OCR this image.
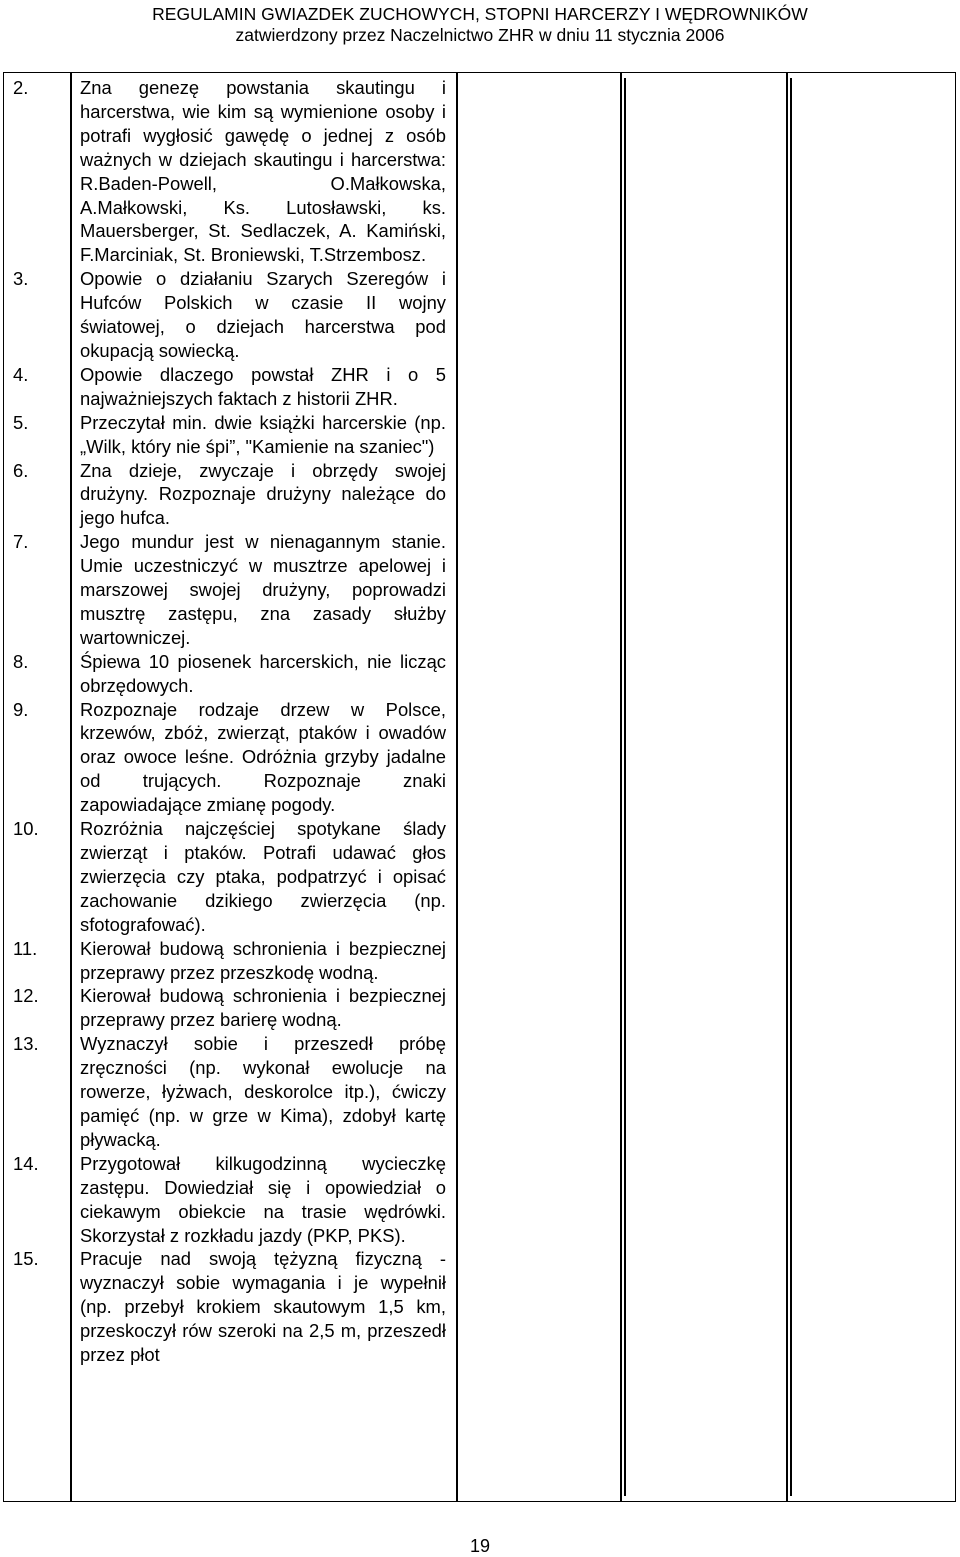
REGULAMIN GWIAZDEK ZUCHOWYCH, STOPNI HARCERZY I WĘDROWNIKÓW
zatwierdzony przez Naczelnictwo ZHR w dniu 11 stycznia 2006
2.	Zna genezę powstania skautingu i harcerstwa, wie kim są wymienione osoby i potrafi wygłosić gawędę o jednej z osób ważnych w dziejach skautingu i harcerstwa: R.Baden-Powell, O.Małkowska, A.Małkowski, Ks. Lutosławski, ks. Mauersberger, St. Sedlaczek, A. Kamiński, F.Marciniak, St. Broniewski, T.Strzembosz.
3.	Opowie o działaniu Szarych Szeregów i Hufców Polskich w czasie II wojny światowej, o dziejach harcerstwa pod okupacją sowiecką.
4.	Opowie dlaczego powstał ZHR i o 5 najważniejszych faktach z historii ZHR.
5.	Przeczytał min. dwie książki harcerskie (np. „Wilk, który nie śpi”, "Kamienie na szaniec")
6.	Zna dzieje, zwyczaje i obrzędy swojej drużyny. Rozpoznaje drużyny należące do jego hufca.
7.	Jego mundur jest w nienagannym stanie. Umie uczestniczyć w musztrze apelowej i marszowej swojej drużyny, poprowadzi musztrę zastępu, zna zasady służby wartowniczej.
8.	Śpiewa 10 piosenek harcerskich, nie licząc obrzędowych.
9.	Rozpoznaje rodzaje drzew w Polsce, krzewów, zbóż, zwierząt, ptaków i owadów oraz owoce leśne. Odróżnia grzyby jadalne od trujących. Rozpoznaje znaki zapowiadające zmianę pogody.
10.	Rozróżnia najczęściej spotykane ślady zwierząt i ptaków. Potrafi udawać głos zwierzęcia czy ptaka, podpatrzyć i opisać zachowanie dzikiego zwierzęcia (np. sfotografować).
11.	Kierował budową schronienia i bezpiecznej przeprawy przez przeszkodę wodną.
12.	Kierował budową schronienia i bezpiecznej przeprawy przez barierę wodną.
13.	Wyznaczył sobie i przeszedł próbę zręczności (np. wykonał ewolucje na rowerze, łyżwach, deskorolce itp.), ćwiczy pamięć (np. w grze w Kima), zdobył kartę pływacką.
14.	Przygotował kilkugodzinną wycieczkę zastępu. Dowiedział się i opowiedział o ciekawym obiekcie na trasie wędrówki. Skorzystał z rozkładu jazdy (PKP, PKS).
15.	Pracuje nad swoją tężyzną fizyczną - wyznaczył sobie wymagania i je wypełnił (np. przebył krokiem skautowym 1,5 km, przeskoczył rów szeroki na 2,5 m, przeszedł przez płot
19
